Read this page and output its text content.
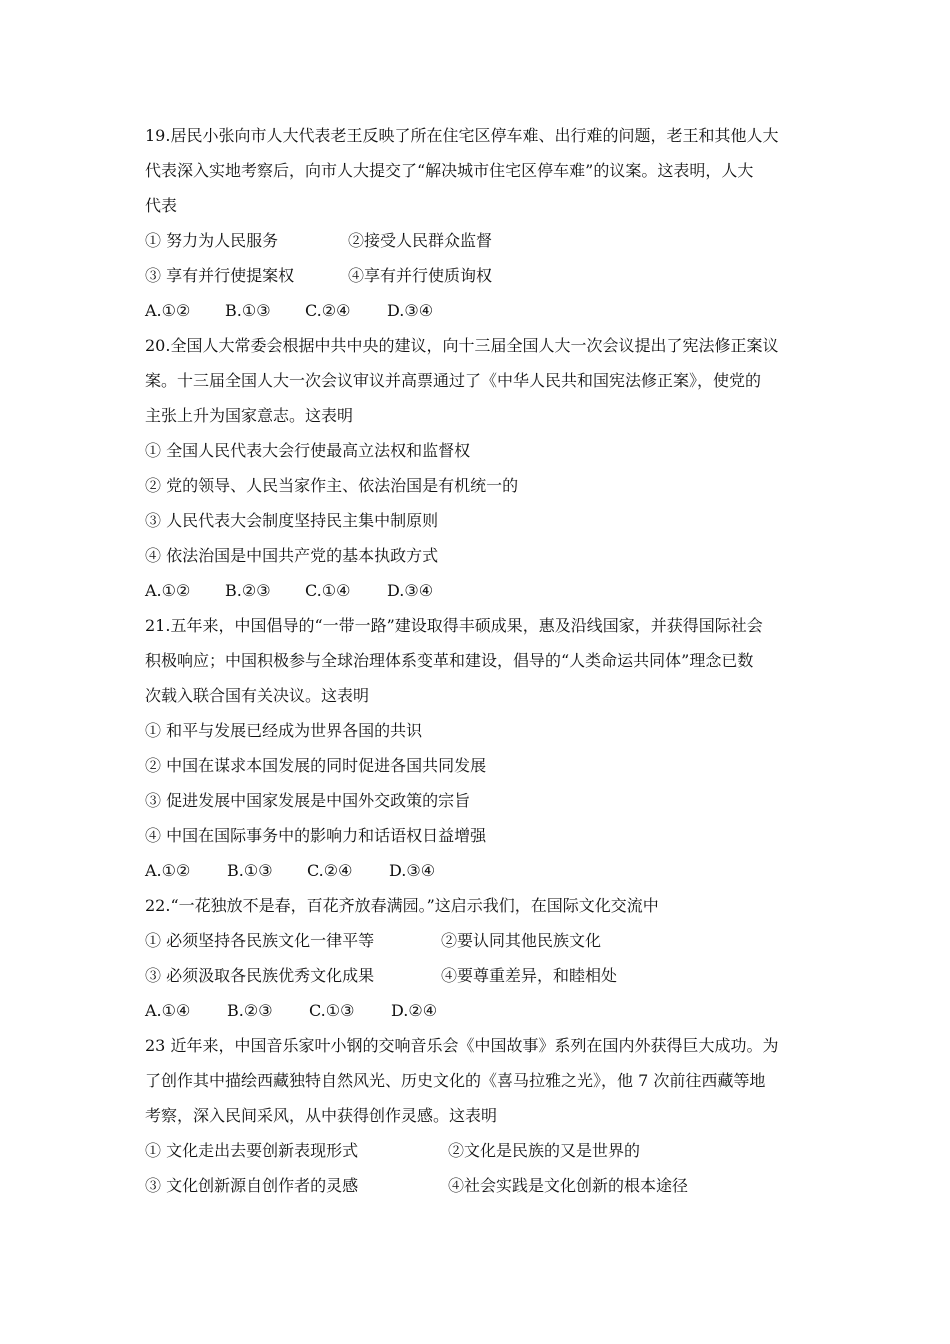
19.居民小张向市人大代表老王反映了所在住宅区停车难、出行难的问题，老王和其他人大
代表深入实地考察后，向市人大提交了“解决城市住宅区停车难”的议案。这表明，人大
代表
① 努力为人民服务	②接受人民群众监督
③ 享有并行使提案权	④享有并行使质询权
A.①② B.①③ C.②④ D.③④
20.全国人大常委会根据中共中央的建议，向十三届全国人大一次会议提出了宪法修正案议
案。十三届全国人大一次会议审议并高票通过了《中华人民共和国宪法修正案》，使党的
主张上升为国家意志。这表明
① 全国人民代表大会行使最高立法权和监督权
② 党的领导、人民当家作主、依法治国是有机统一的
③ 人民代表大会制度坚持民主集中制原则
④ 依法治国是中国共产党的基本执政方式
A.①② B.②③ C.①④ D.③④
21.五年来，中国倡导的“一带一路”建设取得丰硕成果，惠及沿线国家，并获得国际社会
积极响应；中国积极参与全球治理体系变革和建设，倡导的“人类命运共同体”理念已数
次载入联合国有关决议。这表明
① 和平与发展已经成为世界各国的共识
② 中国在谋求本国发展的同时促进各国共同发展
③ 促进发展中国家发展是中国外交政策的宗旨
④ 中国在国际事务中的影响力和话语权日益增强
A.①② B.①③ C.②④ D.③④
22.“一花独放不是春，百花齐放春满园。”这启示我们，在国际文化交流中
① 必须坚持各民族文化一律平等	②要认同其他民族文化
③ 必须汲取各民族优秀文化成果	④要尊重差异，和睦相处
A.①④ B.②③ C.①③ D.②④
23 近年来，中国音乐家叶小钢的交响音乐会《中国故事》系列在国内外获得巨大成功。为
了创作其中描绘西藏独特自然风光、历史文化的《喜马拉雅之光》，他 7 次前往西藏等地
考察，深入民间采风，从中获得创作灵感。这表明
① 文化走出去要创新表现形式	②文化是民族的又是世界的
③ 文化创新源自创作者的灵感	④社会实践是文化创新的根本途径
